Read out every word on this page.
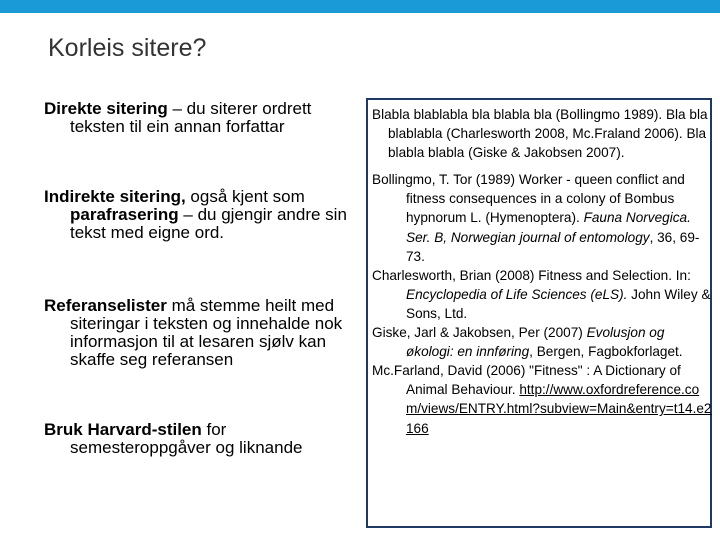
Korleis sitere?
Direkte sitering – du siterer ordrett teksten til ein annan forfattar
Indirekte sitering, også kjent som parafrasering – du gjengir andre sin tekst med eigne ord.
Referanselister må stemme heilt med siteringar i teksten og innehalde nok informasjon til at lesaren sjølv kan skaffe seg referansen
Bruk Harvard-stilen for semesteroppgåver og liknande
Blabla blablabla bla blabla bla (Bollingmo 1989). Bla bla blablabla (Charlesworth 2008, Mc.Fraland 2006). Bla blabla blabla (Giske & Jakobsen 2007).
Bollingmo, T. Tor (1989) Worker - queen conflict and fitness consequences in a colony of Bombus hypnorum L. (Hymenoptera). Fauna Norvegica. Ser. B, Norwegian journal of entomology, 36, 69-73.
Charlesworth, Brian (2008) Fitness and Selection. In: Encyclopedia of Life Sciences (eLS). John Wiley & Sons, Ltd.
Giske, Jarl & Jakobsen, Per (2007) Evolusjon og økologi: en innføring, Bergen, Fagbokforlaget.
Mc.Farland, David (2006) "Fitness" : A Dictionary of Animal Behaviour. http://www.oxfordreference.com/views/ENTRY.html?subview=Main&entry=t14.e2166
